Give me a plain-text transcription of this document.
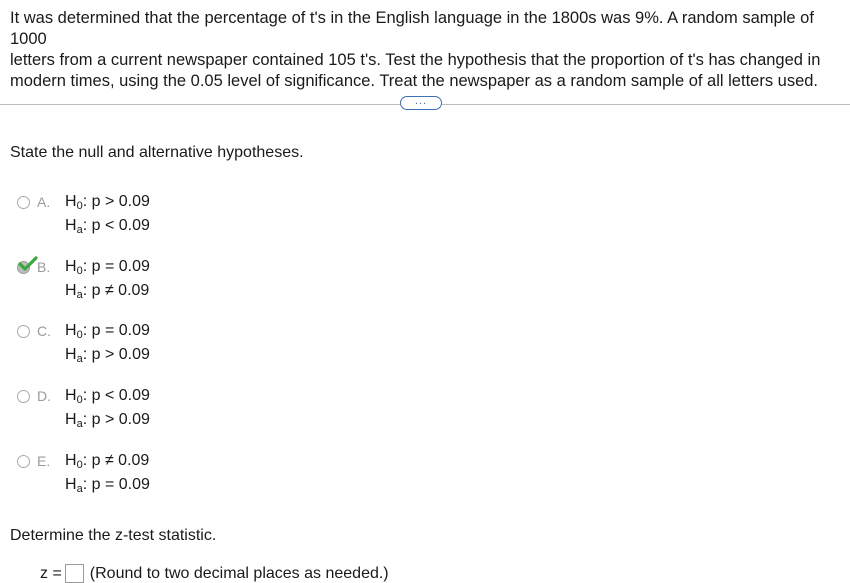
It was determined that the percentage of t's in the English language in the 1800s was 9%. A random sample of 1000
letters from a current newspaper contained 105 t's. Test the hypothesis that the proportion of t's has changed in
modern times, using the 0.05 level of significance. Treat the newspaper as a random sample of all letters used.
...
State the null and alternative hypotheses.
A. $H_0$: p > 0.09
$H_a$: p < 0.09
B. $H_0$: p = 0.09
$H_a$: p ≠ 0.09
C. $H_0$: p = 0.09
$H_a$: p > 0.09
D. $H_0$: p < 0.09
$H_a$: p > 0.09
E. $H_0$: p ≠ 0.09
$H_a$: p = 0.09
Determine the z-test statistic.
z = (Round to two decimal places as needed.)
